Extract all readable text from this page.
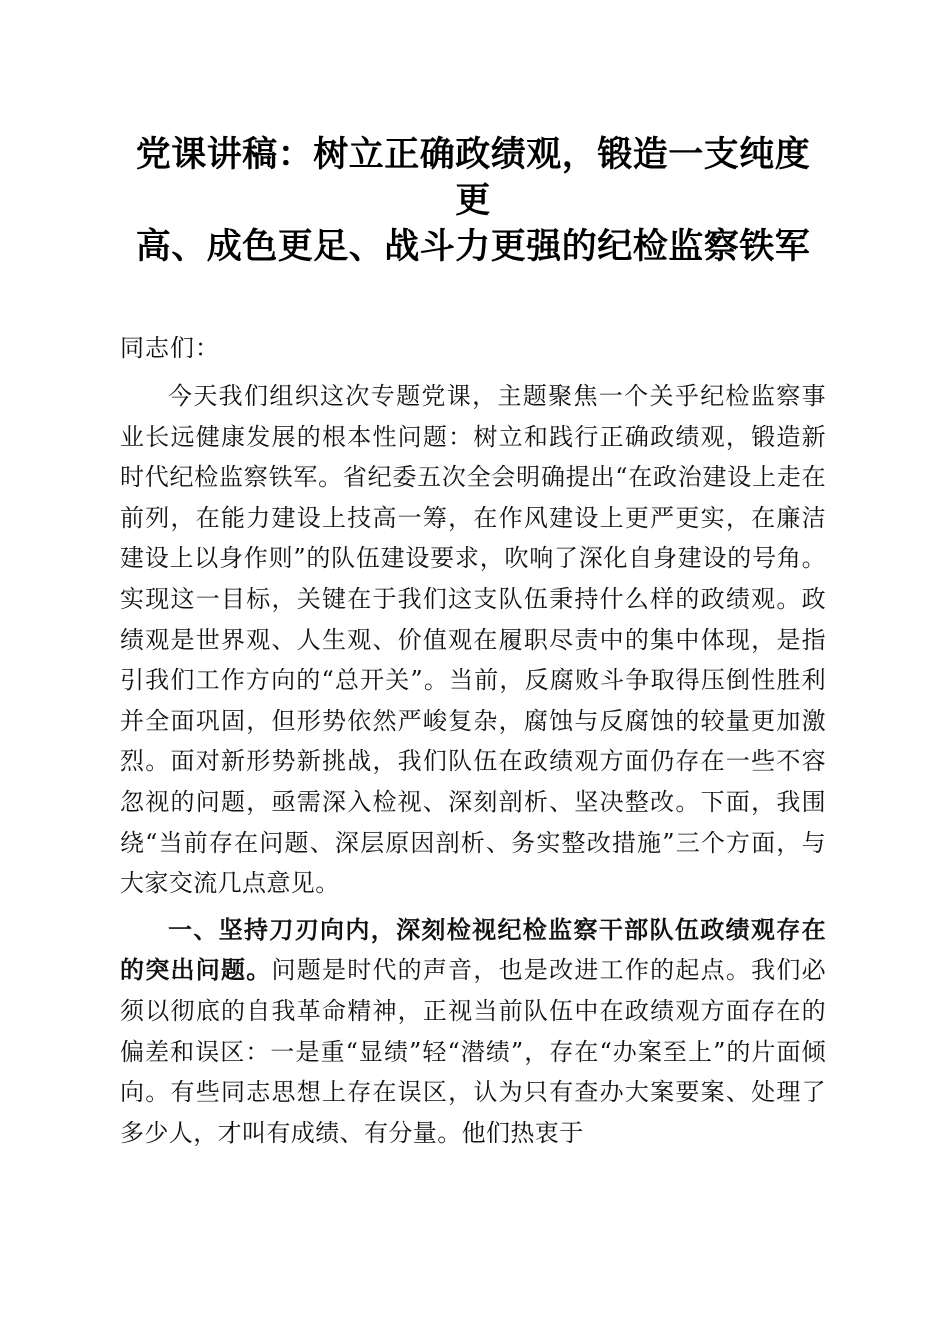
党课讲稿：树立正确政绩观，锻造一支纯度更
高、成色更足、战斗力更强的纪检监察铁军

同志们：

今天我们组织这次专题党课，主题聚焦一个关乎纪检监察事业长远健康发展的根本性问题：树立和践行正确政绩观，锻造新时代纪检监察铁军。省纪委五次全会明确提出“在政治建设上走在前列，在能力建设上技高一筹，在作风建设上更严更实，在廉洁建设上以身作则”的队伍建设要求，吹响了深化自身建设的号角。实现这一目标，关键在于我们这支队伍秉持什么样的政绩观。政绩观是世界观、人生观、价值观在履职尽责中的集中体现，是指引我们工作方向的“总开关”。当前，反腐败斗争取得压倒性胜利并全面巩固，但形势依然严峻复杂，腐蚀与反腐蚀的较量更加激烈。面对新形势新挑战，我们队伍在政绩观方面仍存在一些不容忽视的问题，亟需深入检视、深刻剖析、坚决整改。下面，我围绕“当前存在问题、深层原因剖析、务实整改措施”三个方面，与大家交流几点意见。

一、坚持刀刃向内，深刻检视纪检监察干部队伍政绩观存在的突出问题。问题是时代的声音，也是改进工作的起点。我们必须以彻底的自我革命精神，正视当前队伍中在政绩观方面存在的偏差和误区：一是重“显绩”轻“潜绩”，存在“办案至上”的片面倾向。有些同志思想上存在误区，认为只有查办大案要案、处理了多少人，才叫有成绩、有分量。他们热衷于
